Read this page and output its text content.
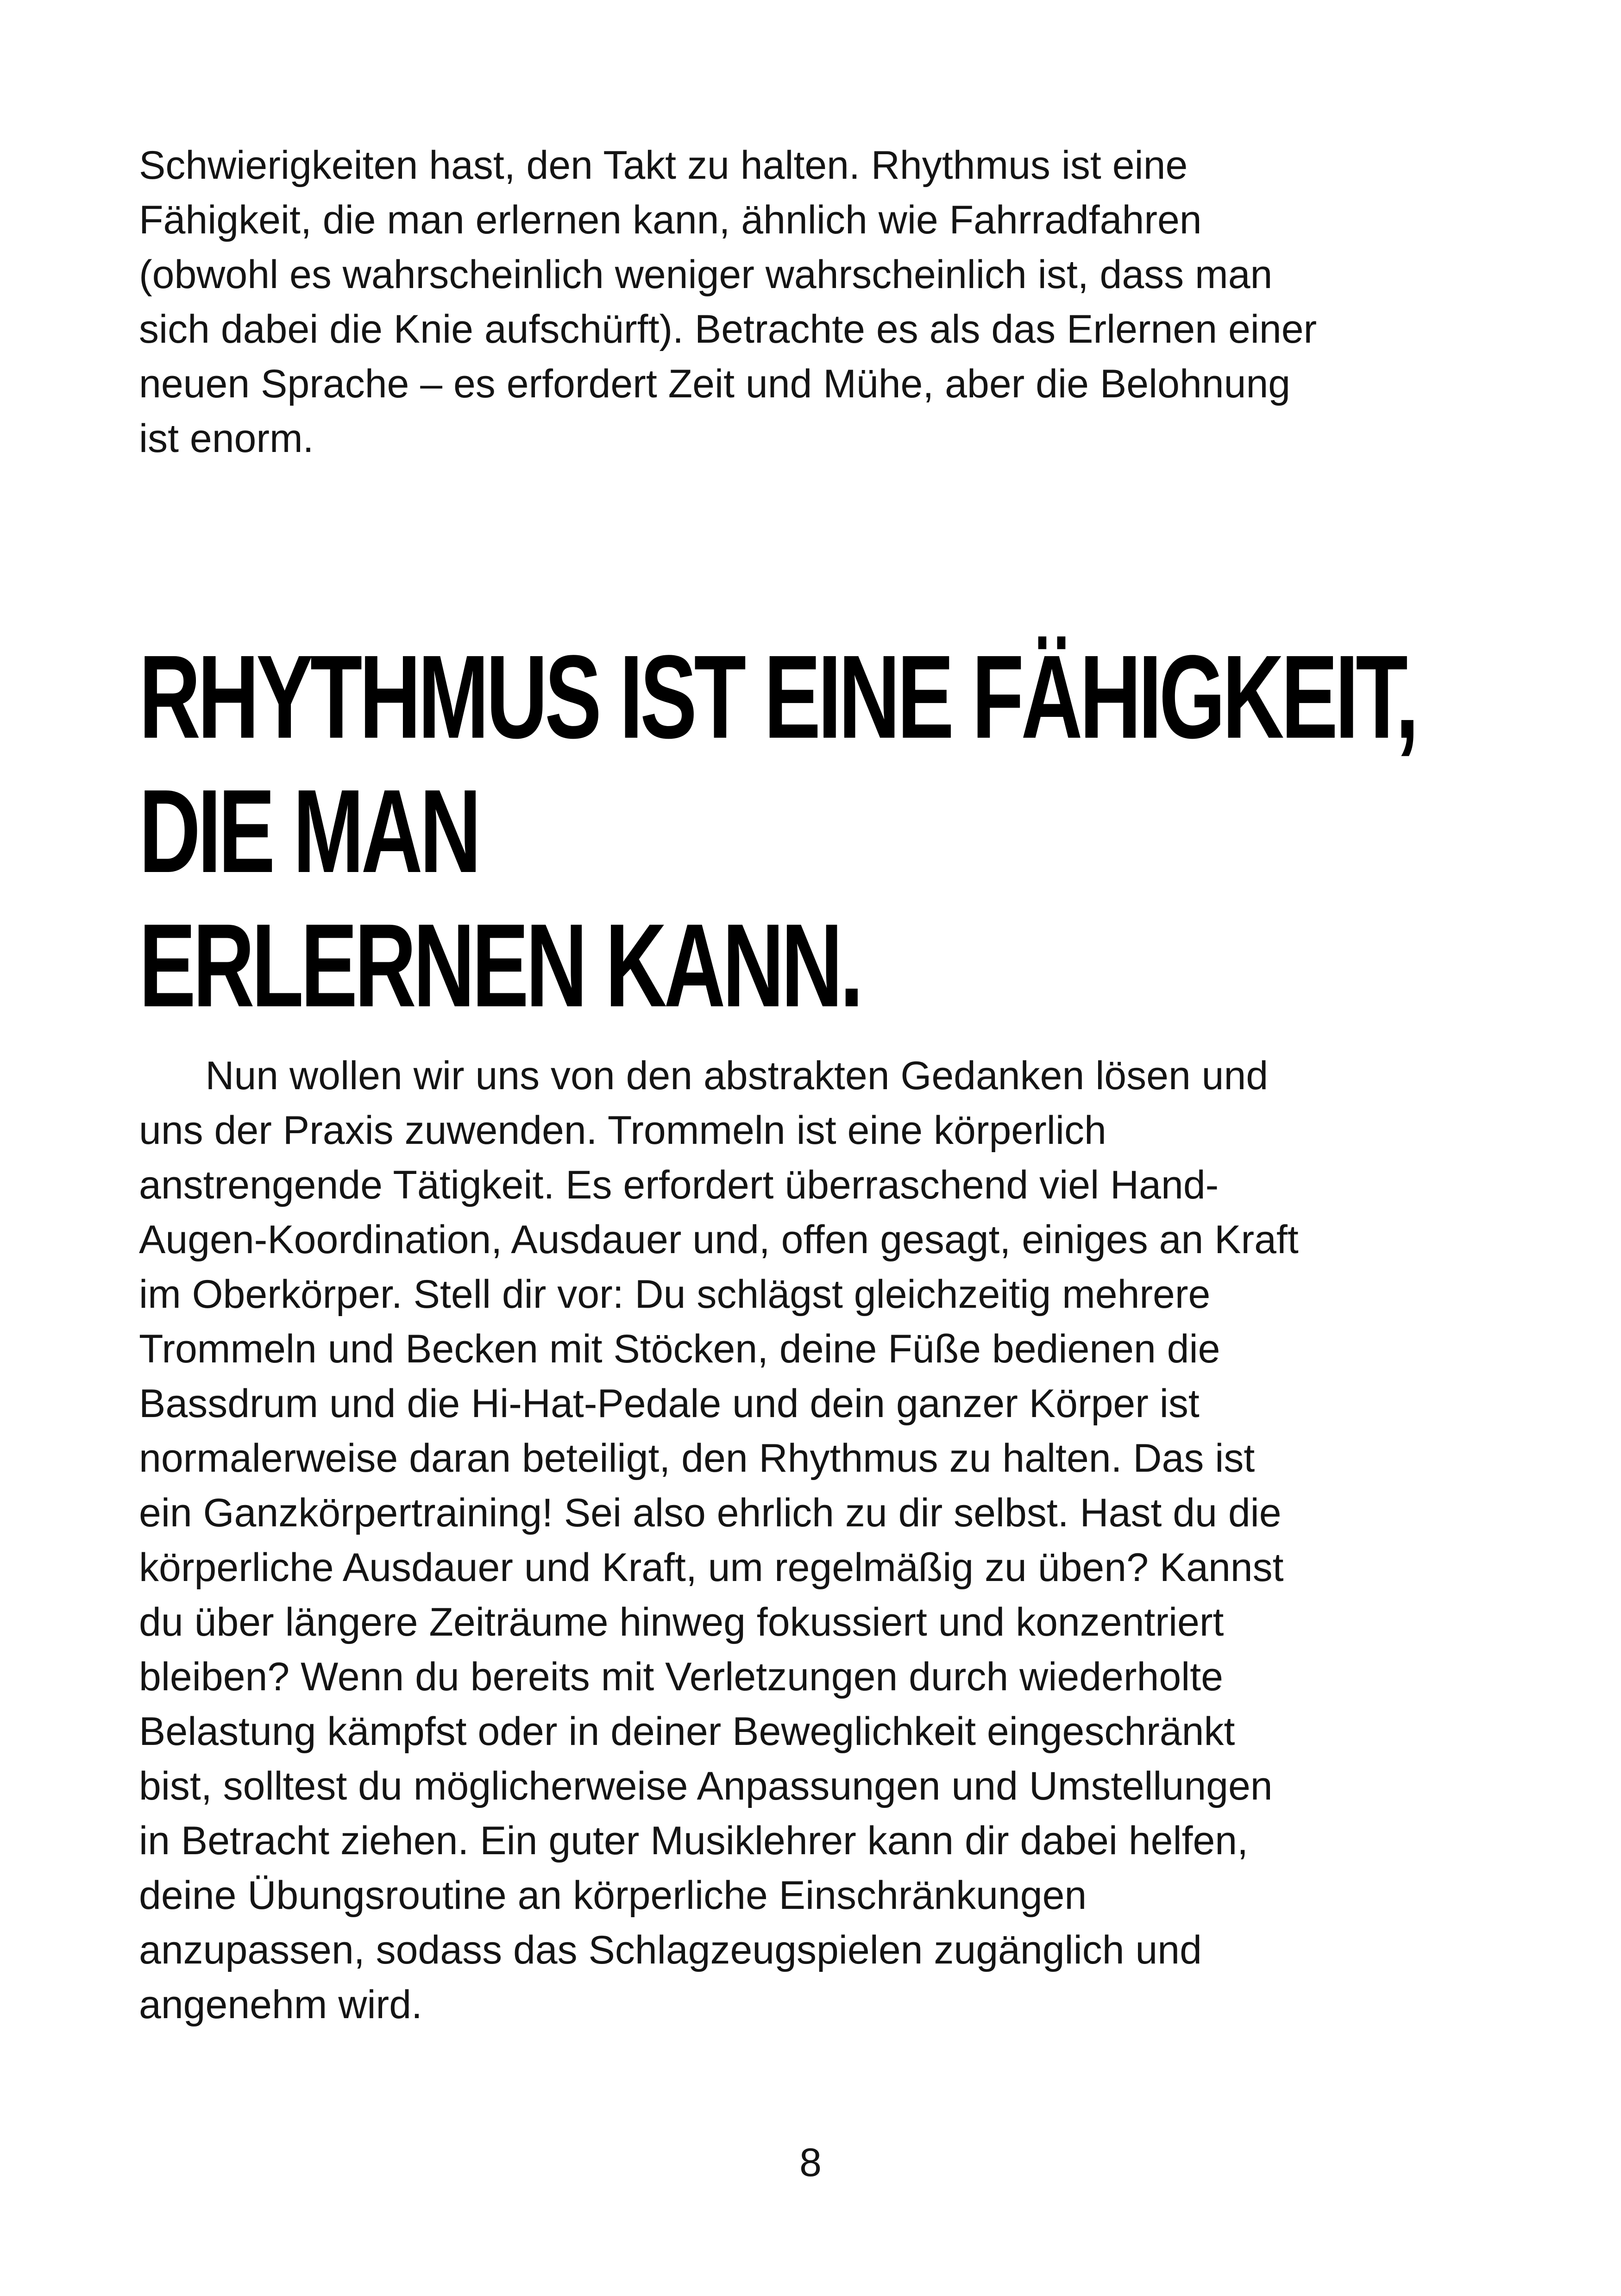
Schwierigkeiten hast, den Takt zu halten. Rhythmus ist eine
Fähigkeit, die man erlernen kann, ähnlich wie Fahrradfahren
(obwohl es wahrscheinlich weniger wahrscheinlich ist, dass man
sich dabei die Knie aufschürft). Betrachte es als das Erlernen einer
neuen Sprache – es erfordert Zeit und Mühe, aber die Belohnung
ist enorm.

RHYTHMUS IST EINE FÄHIGKEIT, DIE MAN
ERLERNEN KANN.

Nun wollen wir uns von den abstrakten Gedanken lösen und
uns der Praxis zuwenden. Trommeln ist eine körperlich
anstrengende Tätigkeit. Es erfordert überraschend viel Hand-
Augen-Koordination, Ausdauer und, offen gesagt, einiges an Kraft
im Oberkörper. Stell dir vor: Du schlägst gleichzeitig mehrere
Trommeln und Becken mit Stöcken, deine Füße bedienen die
Bassdrum und die Hi-Hat-Pedale und dein ganzer Körper ist
normalerweise daran beteiligt, den Rhythmus zu halten. Das ist
ein Ganzkörpertraining! Sei also ehrlich zu dir selbst. Hast du die
körperliche Ausdauer und Kraft, um regelmäßig zu üben? Kannst
du über längere Zeiträume hinweg fokussiert und konzentriert
bleiben? Wenn du bereits mit Verletzungen durch wiederholte
Belastung kämpfst oder in deiner Beweglichkeit eingeschränkt
bist, solltest du möglicherweise Anpassungen und Umstellungen
in Betracht ziehen. Ein guter Musiklehrer kann dir dabei helfen,
deine Übungsroutine an körperliche Einschränkungen
anzupassen, sodass das Schlagzeugspielen zugänglich und
angenehm wird.

8
